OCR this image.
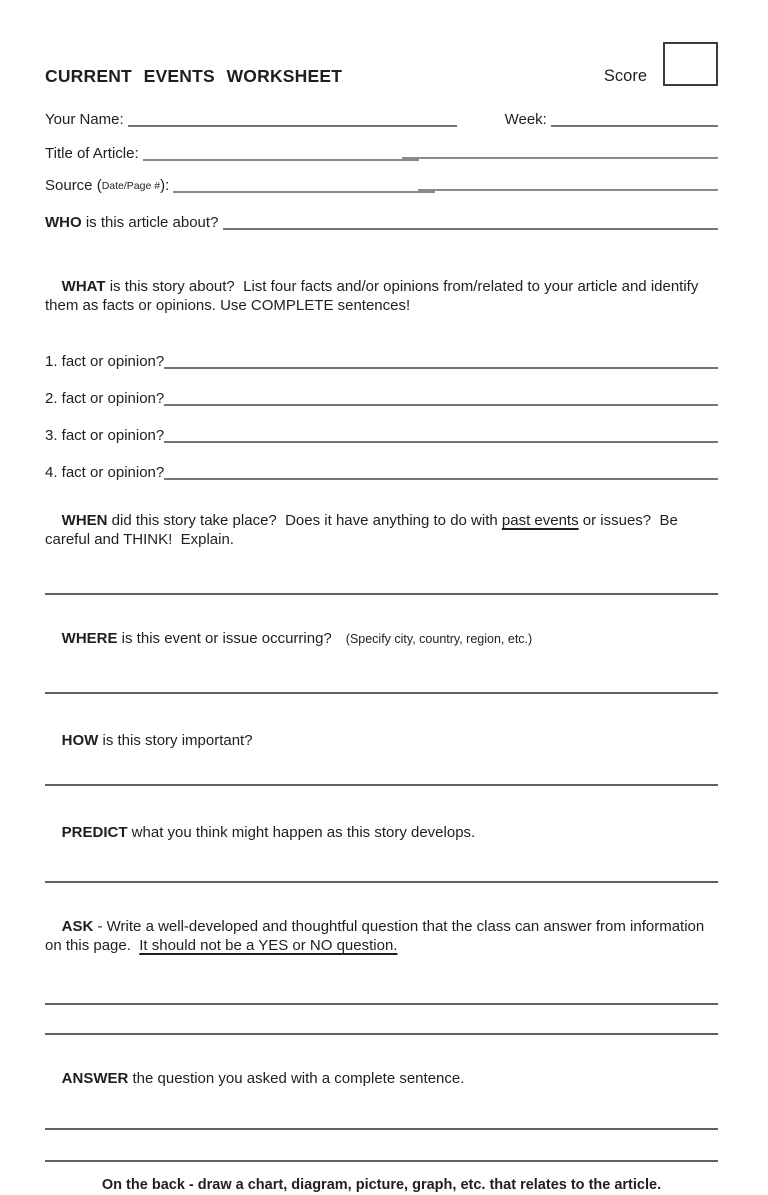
CURRENT EVENTS WORKSHEET	Score
Your Name:	Week:
Title of Article:
Source ( Date/Page # ):
WHO is this article about?

WHAT is this story about?  List four facts and/or opinions from/related to your article and identify them as facts or opinions. Use COMPLETE sentences!

1. fact or opinion?
2. fact or opinion?
3. fact or opinion?
4. fact or opinion?

WHEN did this story take place?  Does it have anything to do with past events or issues?  Be careful and THINK!  Explain.

WHERE is this event or issue occurring? (Specify city, country, region, etc.)

HOW is this story important?

PREDICT what you think might happen as this story develops.

ASK - Write a well-developed and thoughtful question that the class can answer from information on this page.  It should not be a YES or NO question.

ANSWER the question you asked with a complete sentence.

On the back - draw a chart, diagram, picture, graph, etc. that relates to the article.
